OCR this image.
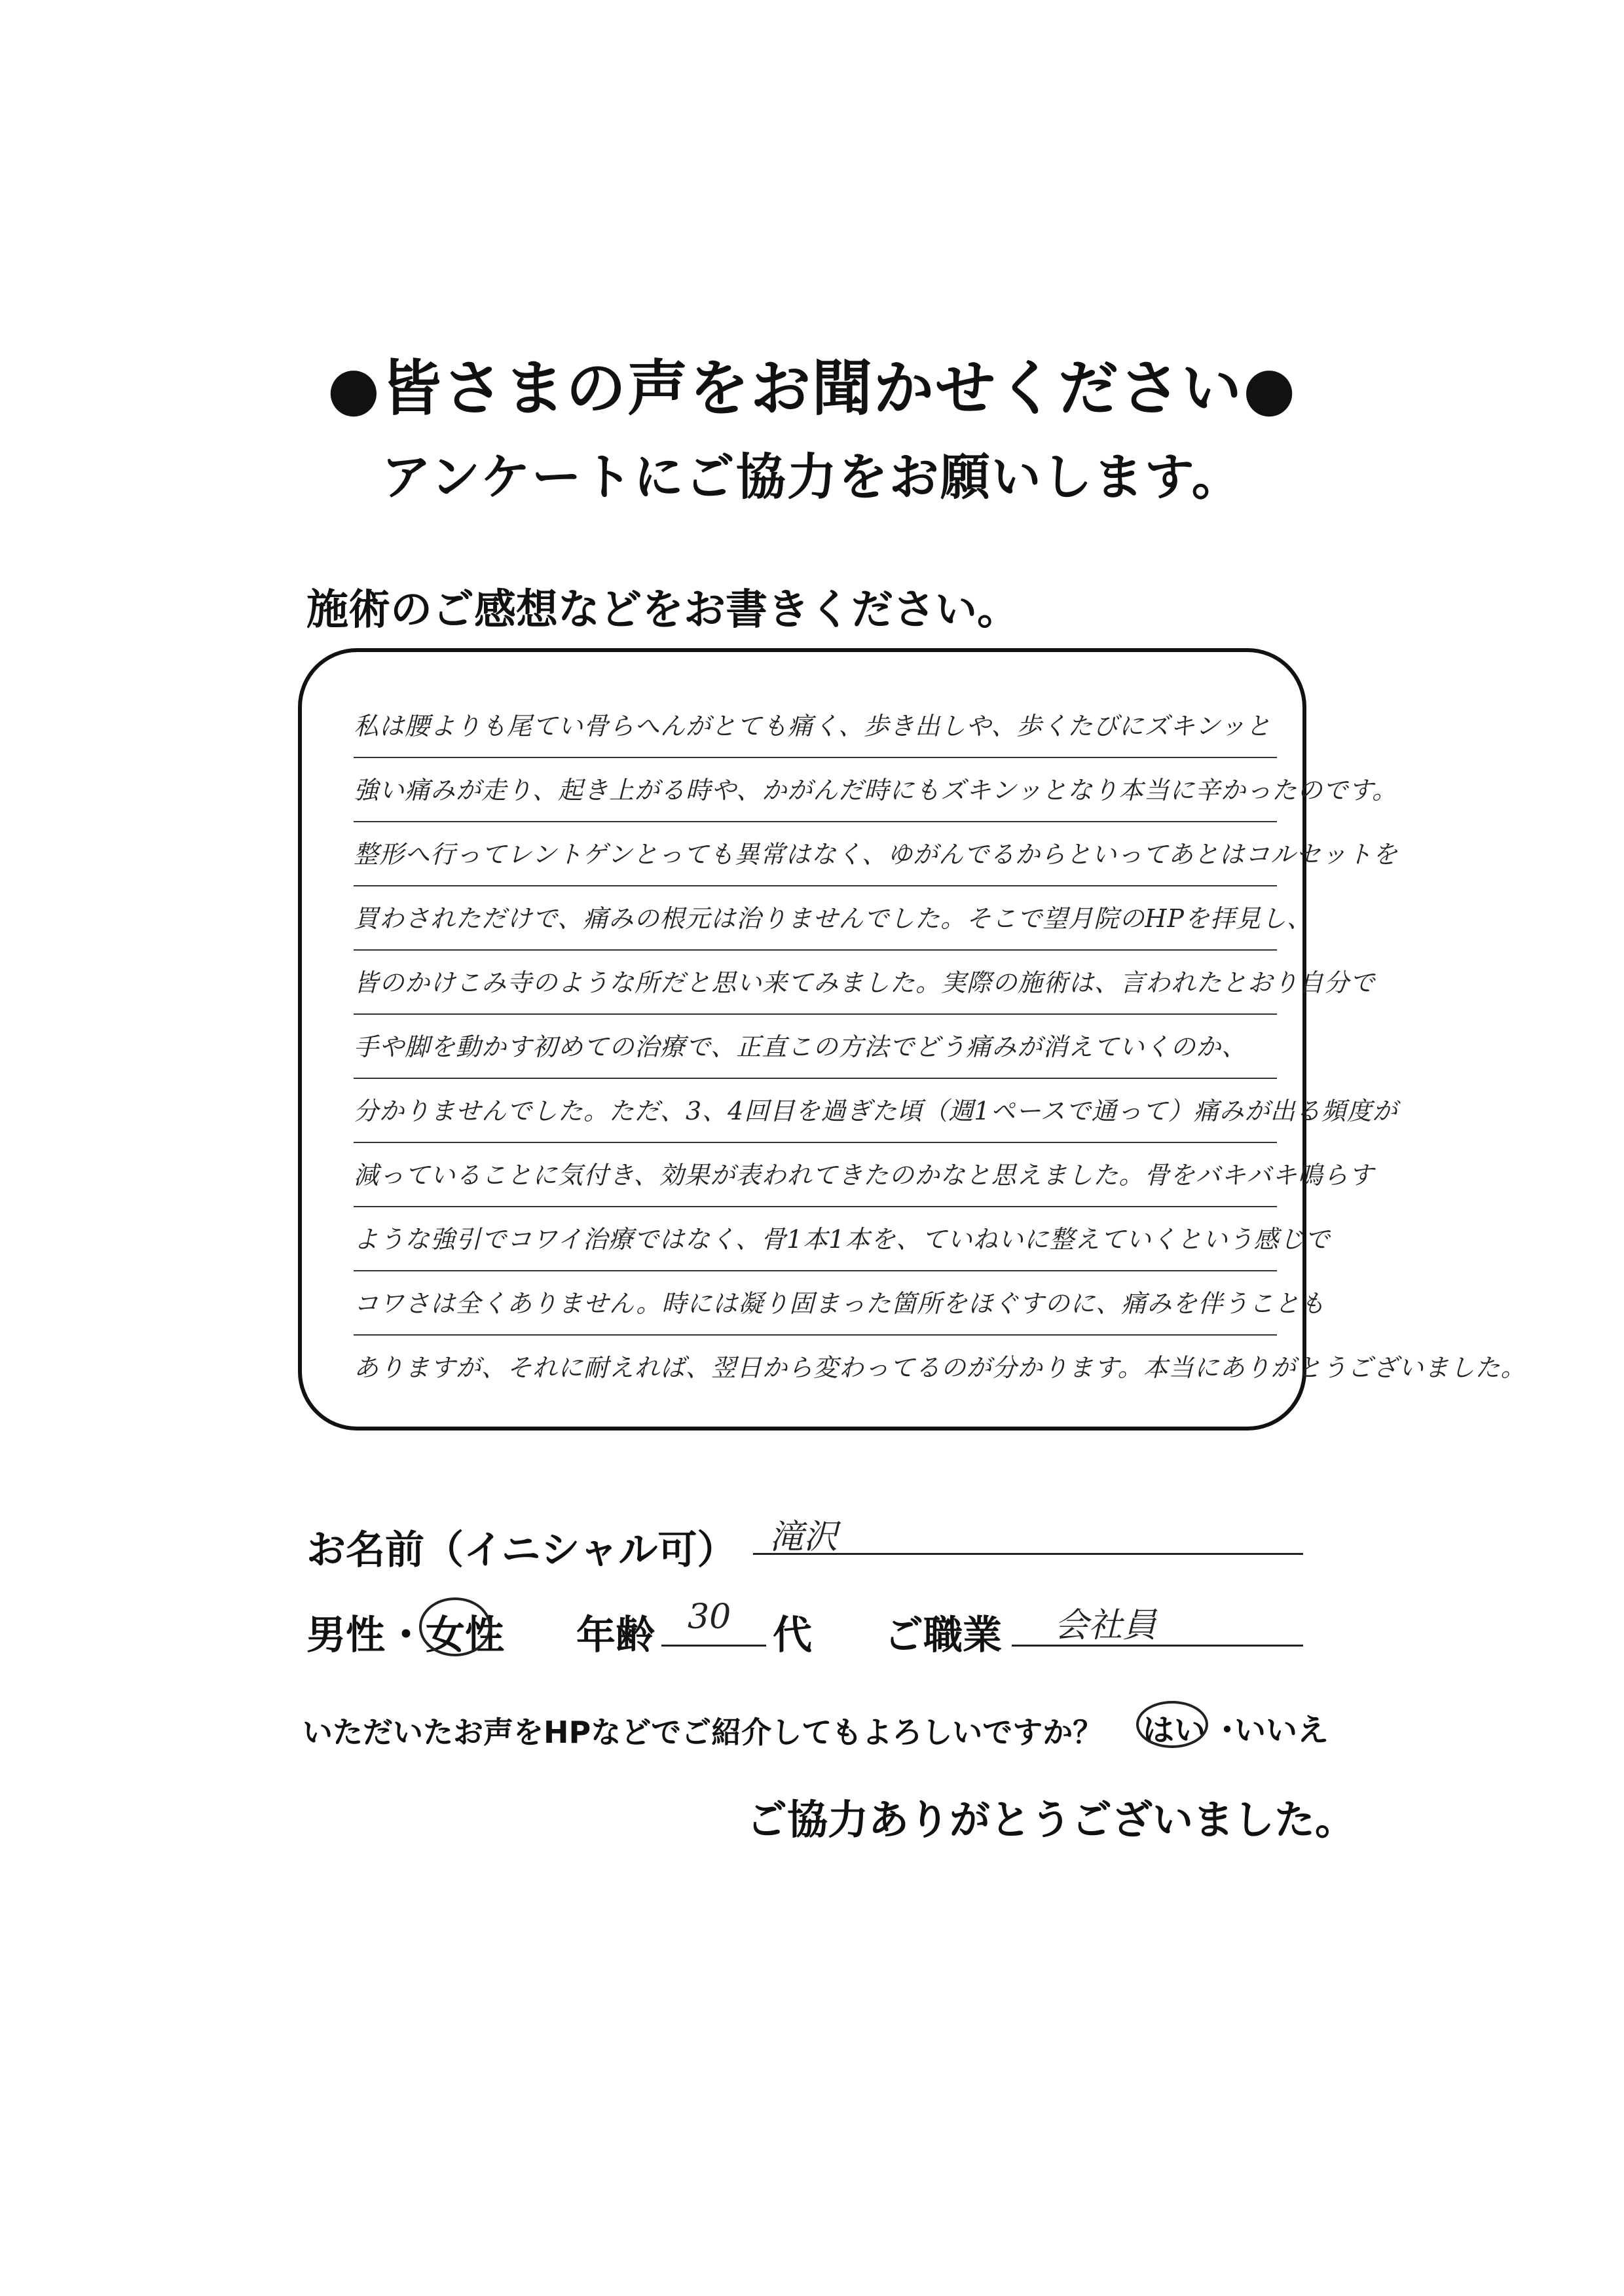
●皆さまの声をお聞かせください●
アンケートにご協力をお願いします。
施術のご感想などをお書きください。
私は腰よりも尾てい骨らへんがとても痛く、歩き出しや、歩くたびにズキンッと
強い痛みが走り、起き上がる時や、かがんだ時にもズキンッとなり本当に辛かったのです。
整形へ行ってレントゲンとっても異常はなく、ゆがんでるからといってあとはコルセットを
買わされただけで、痛みの根元は治りませんでした。そこで望月院のHPを拝見し、
皆のかけこみ寺のような所だと思い来てみました。実際の施術は、言われたとおり自分で
手や脚を動かす初めての治療で、正直この方法でどう痛みが消えていくのか、
分かりませんでした。ただ、3、4回目を過ぎた頃（週1ペースで通って）痛みが出る頻度が
減っていることに気付き、効果が表われてきたのかなと思えました。骨をバキバキ鳴らす
ような強引でコワイ治療ではなく、骨1本1本を、ていねいに整えていくという感じで
コワさは全くありません。時には凝り固まった箇所をほぐすのに、痛みを伴うことも
ありますが、それに耐えれば、翌日から変わってるのが分かります。本当にありがとうございました。
お名前（イニシャル可） 滝沢
男性 ・ 女性 年齢 30 代 ご職業 会社員
いただいたお声をHPなどでご紹介してもよろしいですか？ はい ・
いいえ
ご協力ありがとうございました。
